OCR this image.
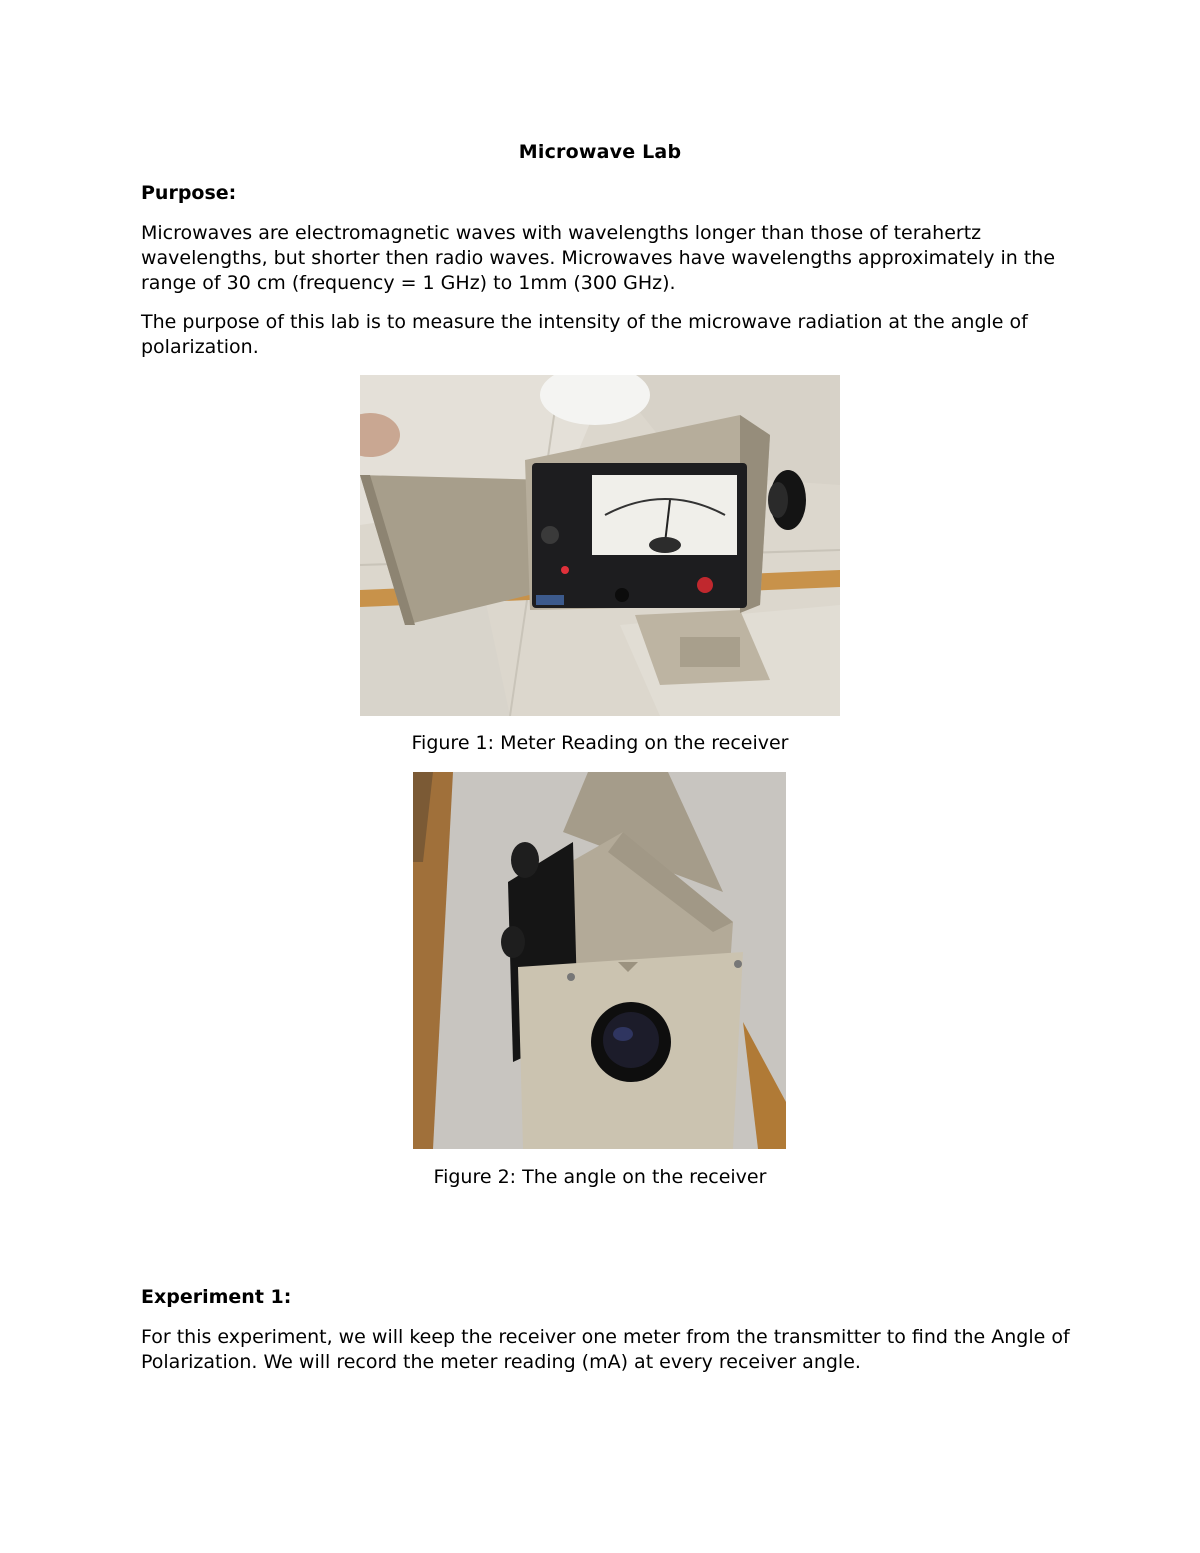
Microwave Lab
Purpose:
Microwaves are electromagnetic waves with wavelengths longer than those of terahertz wavelengths, but shorter then radio waves. Microwaves have wavelengths approximately in the range of 30 cm (frequency = 1 GHz) to 1mm (300 GHz).
The purpose of this lab is to measure the intensity of the microwave radiation at the angle of polarization.
Figure 1: Meter Reading on the receiver
Figure 2: The angle on the receiver
Experiment 1:
For this experiment, we will keep the receiver one meter from the transmitter to find the Angle of Polarization. We will record the meter reading (mA) at every receiver angle.
